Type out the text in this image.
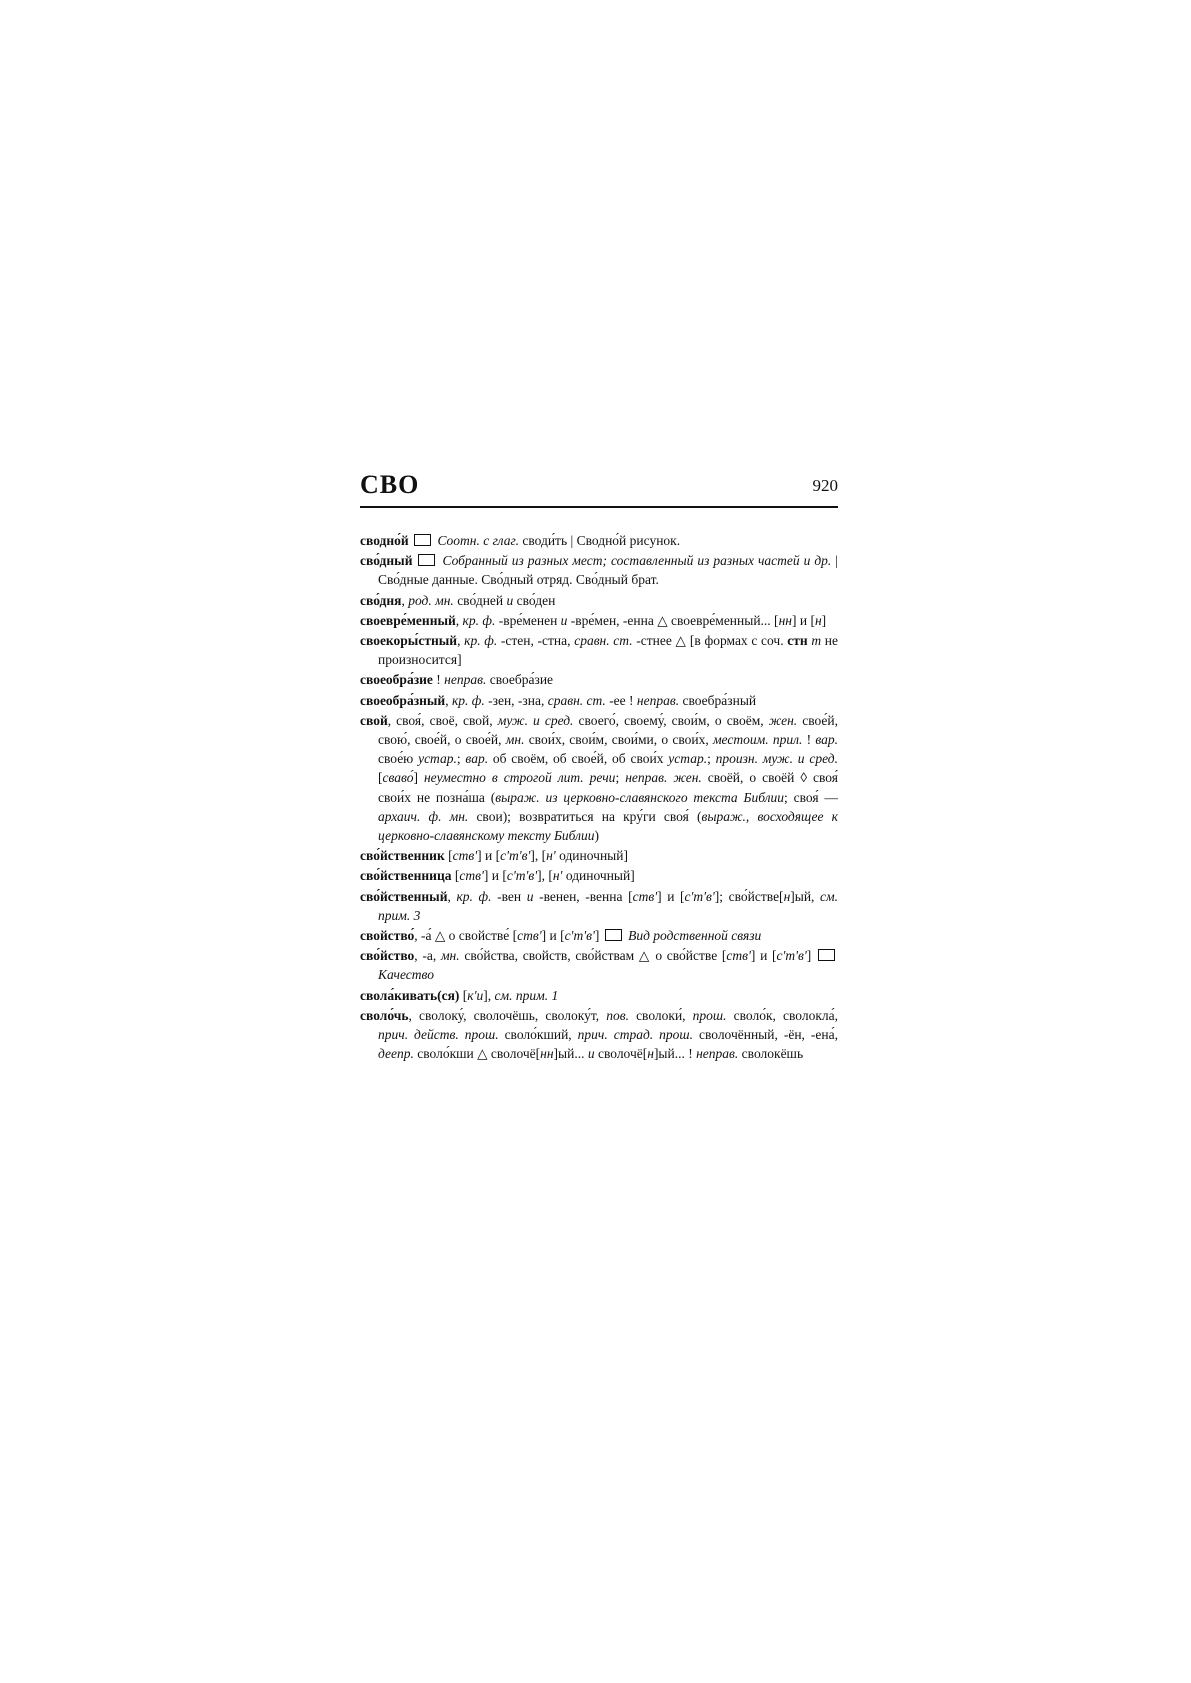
СВО	920

сводно́й  Соотн. с глаг. своди́ть | Сводно́й рисунок.

сво́дный  Собранный из разных мест; составленный из разных частей и др. | Сво́дные данные. Сво́дный отряд. Сво́дный брат.

сво́дня, род. мн. сво́дней и сво́ден

своевре́менный, кр. ф. -вре́менен и -вре́мен, -енна △ своевре́менный... [нн] и [н]

своекоры́стный, кр. ф. -стен, -стна, сравн. ст. -стнее △ [в формах с соч. стн т не произносится]

своеобра́зие ! неправ. своебра́зие

своеобра́зный, кр. ф. -зен, -зна, сравн. ст. -ее ! неправ. своебра́зный

свой, своя́, своё, свой, муж. и сред. своего́, своему́, свои́м, о своём, жен. свое́й, свою́, свое́й, о свое́й, мн. свои́х, свои́м, свои́ми, о свои́х, местоим. прил. ! вар. свое́ю устар.; вар. об своём, об свое́й, об свои́х устар.; произн. муж. и сред. [сваво́] неуместно в строгой лит. речи; неправ. жен. своёй, о своёй ◊ своя́ свои́х не позна́ша (выраж. из церковно-славянского текста Библии; своя́ — архаич. ф. мн. свои); возвратиться на кру́ги своя́ (выраж., восходящее к церковно-славянскому тексту Библии)

сво́йственник [ств'] и [с'т'в'], [н' одиночный]

сво́йственница [ств'] и [с'т'в'], [н' одиночный]

сво́йственный, кр. ф. -вен и -венен, -венна [ств'] и [с'т'в']; сво́йстве[н]ый, см. прим. 3

свойство́, -а́ △ о свойстве́ [ств'] и [с'т'в']  Вид родственной связи

сво́йство, -а, мн. сво́йства, свойств, сво́йствам △ о сво́йстве [ств'] и [с'т'в']  Качество

свола́кивать(ся) [к'и], см. прим. 1

своло́чь, сволоку́, сволочёшь, сволоку́т, пов. сволоки́, прош. своло́к, сволокла́, прич. действ. прош. своло́кший, прич. страд. прош. сволочённый, -ён, -ена́, деепр. своло́кши △ сволочё[нн]ый... и сволочё[н]ый... ! неправ. сволокёшь
